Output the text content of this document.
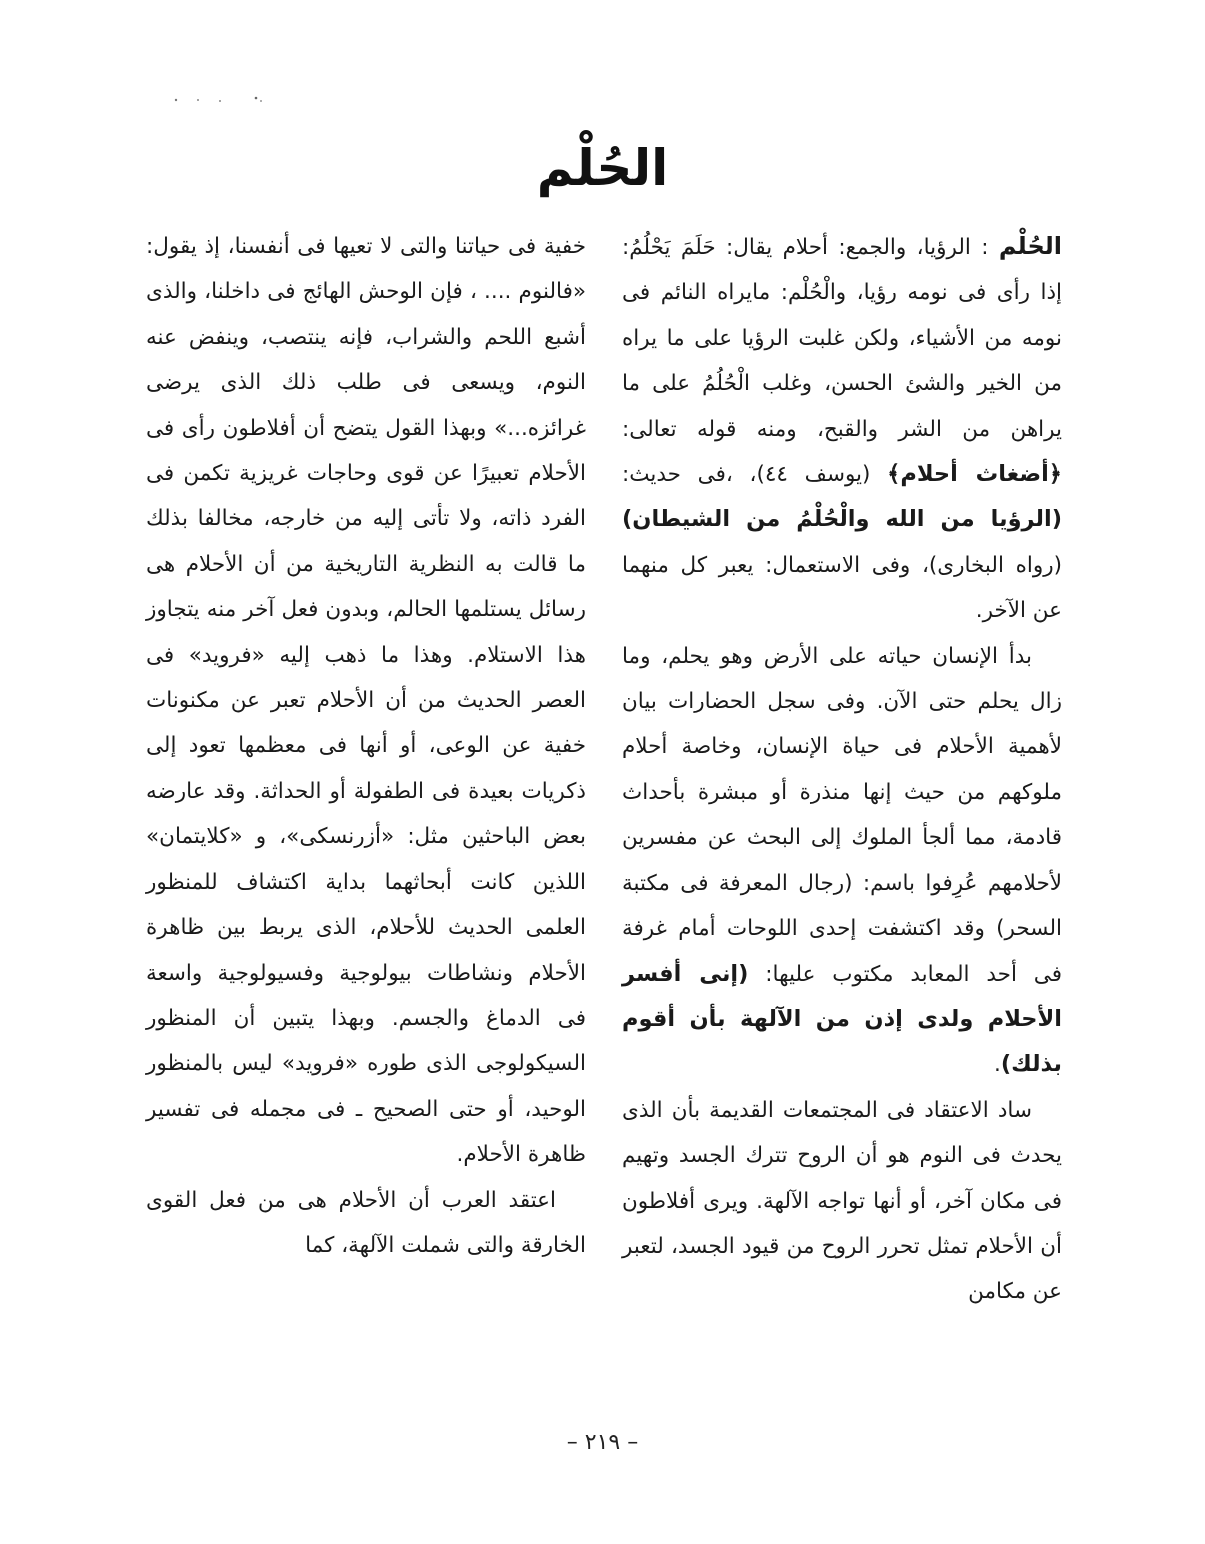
الحُلْم

الحُلْم : الرؤيا، والجمع: أحلام يقال: حَلَمَ يَحْلُمُ: إذا رأى فى نومه رؤيا، والْحُلْم: مايراه النائم فى نومه من الأشياء، ولكن غلبت الرؤيا على ما يراه من الخير والشئ الحسن، وغلب الْحُلُمُ على ما يراهن من الشر والقبح، ومنه قوله تعالى: ﴿أضغاث أحلام﴾ (يوسف ٤٤)، ،فى حديث: (الرؤيا من الله والْحُلْمُ من الشيطان) (رواه البخارى)، وفى الاستعمال: يعبر كل منهما عن الآخر.

بدأ الإنسان حياته على الأرض وهو يحلم، وما زال يحلم حتى الآن. وفى سجل الحضارات بيان لأهمية الأحلام فى حياة الإنسان، وخاصة أحلام ملوكهم من حيث إنها منذرة أو مبشرة بأحداث قادمة، مما ألجأ الملوك إلى البحث عن مفسرين لأحلامهم عُرِفوا باسم: (رجال المعرفة فى مكتبة السحر) وقد اكتشفت إحدى اللوحات أمام غرفة فى أحد المعابد مكتوب عليها: (إنى أفسر الأحلام ولدى إذن من الآلهة بأن أقوم بذلك).

ساد الاعتقاد فى المجتمعات القديمة بأن الذى يحدث فى النوم هو أن الروح تترك الجسد وتهيم فى مكان آخر، أو أنها تواجه الآلهة. ويرى أفلاطون أن الأحلام تمثل تحرر الروح من قيود الجسد، لتعبر عن مكامن

خفية فى حياتنا والتى لا تعيها فى أنفسنا، إذ يقول: «فالنوم .... ، فإن الوحش الهائج فى داخلنا، والذى أشبع اللحم والشراب، فإنه ينتصب، وينفض عنه النوم، ويسعى فى طلب ذلك الذى يرضى غرائزه...» وبهذا القول يتضح أن أفلاطون رأى فى الأحلام تعبيرًا عن قوى وحاجات غريزية تكمن فى الفرد ذاته، ولا تأتى إليه من خارجه، مخالفا بذلك ما قالت به النظرية التاريخية من أن الأحلام هى رسائل يستلمها الحالم، وبدون فعل آخر منه يتجاوز هذا الاستلام. وهذا ما ذهب إليه «فرويد» فى العصر الحديث من أن الأحلام تعبر عن مكنونات خفية عن الوعى، أو أنها فى معظمها تعود إلى ذكريات بعيدة فى الطفولة أو الحداثة. وقد عارضه بعض الباحثين مثل: «أزرنسكى»، و «كلايتمان» اللذين كانت أبحاثهما بداية اكتشاف للمنظور العلمى الحديث للأحلام، الذى يربط بين ظاهرة الأحلام ونشاطات بيولوجية وفسيولوجية واسعة فى الدماغ والجسم. وبهذا يتبين أن المنظور السيكولوجى الذى طوره «فرويد» ليس بالمنظور الوحيد، أو حتى الصحيح ـ فى مجمله فى تفسير ظاهرة الأحلام.

اعتقد العرب أن الأحلام هى من فعل القوى الخارقة والتى شملت الآلهة، كما

– ٢١٩ –
